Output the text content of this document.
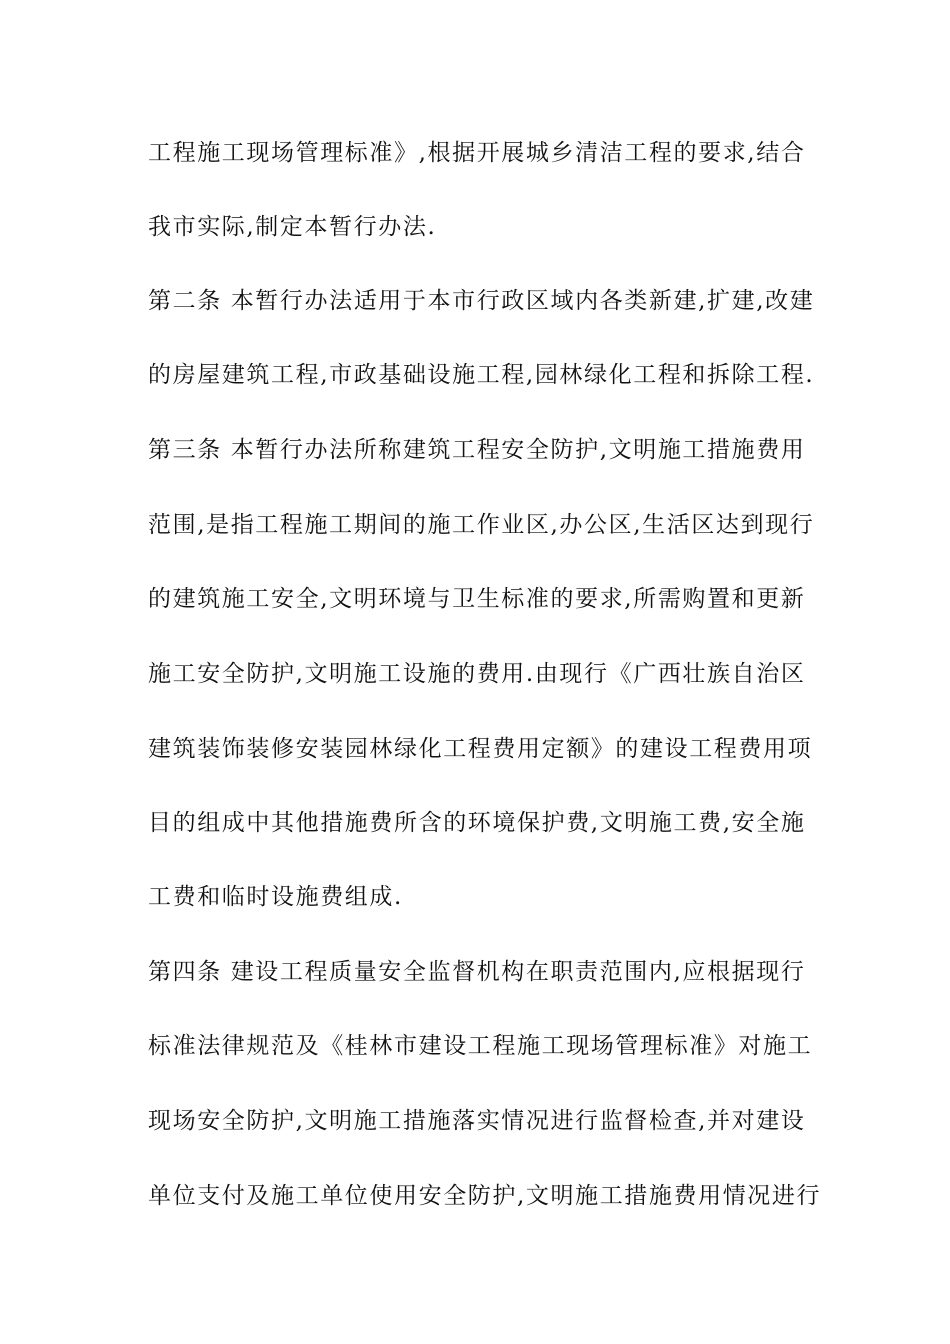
工程施工现场管理标准》,根据开展城乡清洁工程的要求,结合
我市实际,制定本暂行办法.
第二条 本暂行办法适用于本市行政区域内各类新建,扩建,改建
的房屋建筑工程,市政基础设施工程,园林绿化工程和拆除工程.
第三条 本暂行办法所称建筑工程安全防护,文明施工措施费用
范围,是指工程施工期间的施工作业区,办公区,生活区达到现行
的建筑施工安全,文明环境与卫生标准的要求,所需购置和更新
施工安全防护,文明施工设施的费用.由现行《广西壮族自治区
建筑装饰装修安装园林绿化工程费用定额》的建设工程费用项
目的组成中其他措施费所含的环境保护费,文明施工费,安全施
工费和临时设施费组成.
第四条 建设工程质量安全监督机构在职责范围内,应根据现行
标准法律规范及《桂林市建设工程施工现场管理标准》对施工
现场安全防护,文明施工措施落实情况进行监督检查,并对建设
单位支付及施工单位使用安全防护,文明施工措施费用情况进行
